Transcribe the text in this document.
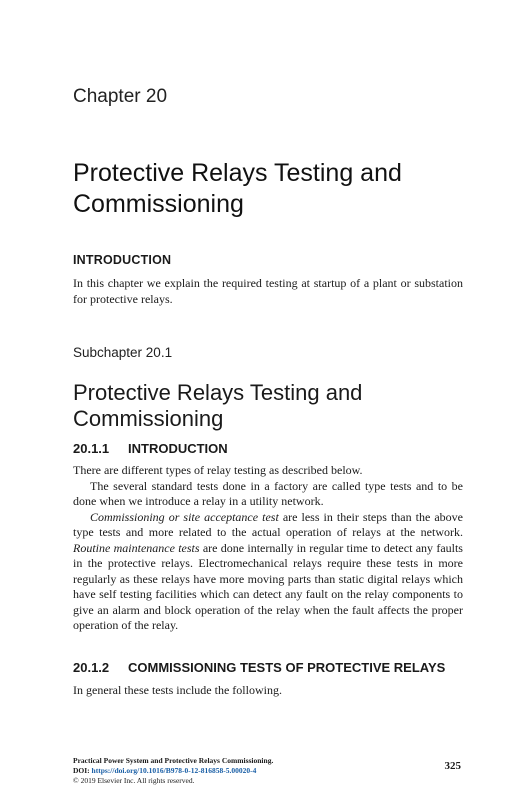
Chapter 20
Protective Relays Testing and Commissioning
INTRODUCTION
In this chapter we explain the required testing at startup of a plant or substation for protective relays.
Subchapter 20.1
Protective Relays Testing and Commissioning
20.1.1 INTRODUCTION

There are different types of relay testing as described below.

The several standard tests done in a factory are called type tests and to be done when we introduce a relay in a utility network.

Commissioning or site acceptance test are less in their steps than the above type tests and more related to the actual operation of relays at the network. Routine maintenance tests are done internally in regular time to detect any faults in the protective relays. Electromechanical relays require these tests in more regularly as these relays have more moving parts than static digital relays which have self testing facilities which can detect any fault on the relay components to give an alarm and block operation of the relay when the fault affects the proper operation of the relay.

20.1.2 COMMISSIONING TESTS OF PROTECTIVE RELAYS
In general these tests include the following.
Practical Power System and Protective Relays Commissioning.
DOI: https://doi.org/10.1016/B978-0-12-816858-5.00020-4
© 2019 Elsevier Inc. All rights reserved.
325
